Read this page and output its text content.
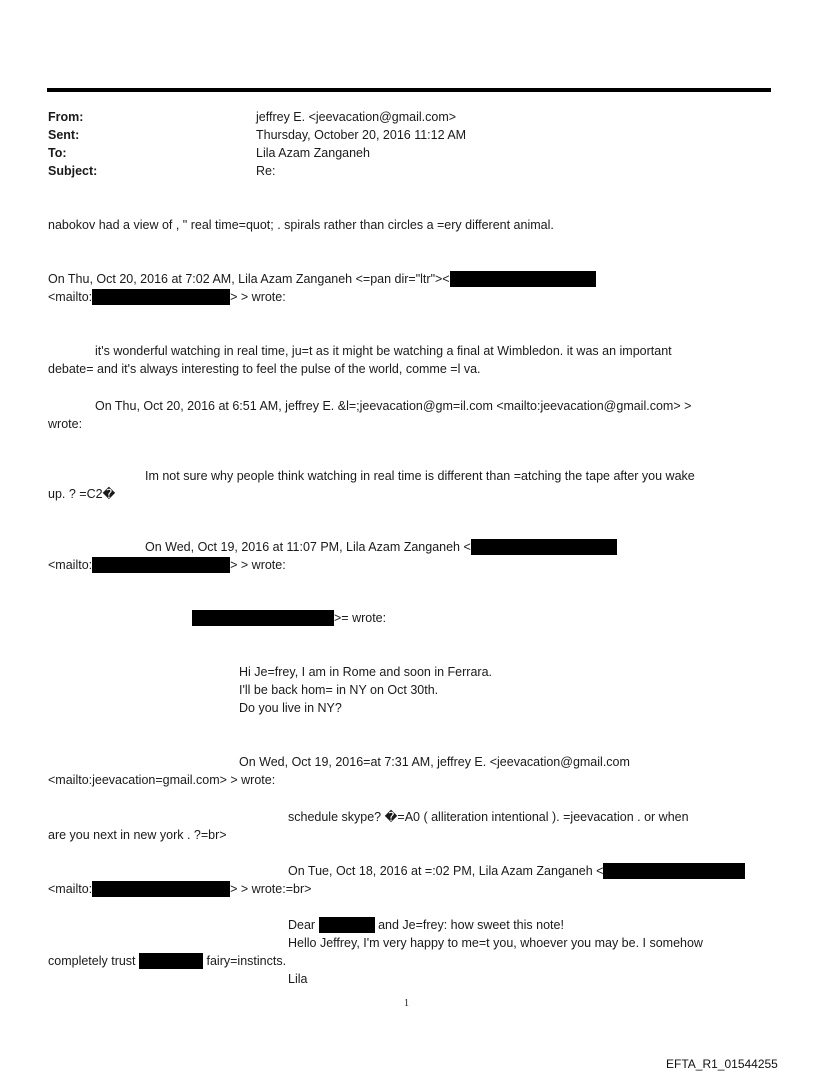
From:	jeffrey E. <jeevacation@gmail.com>
Sent:	Thursday, October 20, 2016 11:12 AM
To:	Lila Azam Zanganeh
Subject:	Re:
nabokov had a view of , " real time=quot; . spirals rather than circles a =ery different animal.
On Thu, Oct 20, 2016 at 7:02 AM, Lila Azam Zanganeh <=pan dir="ltr"><
<mailto:	> > wrote:
it's wonderful watching in real time, ju=t as it might be watching a final at Wimbledon. it was an important
debate= and it's always interesting to feel the pulse of the world, comme =l va.
On Thu, Oct 20, 2016 at 6:51 AM, jeffrey E. &l=;jeevacation@gm=il.com <mailto:jeevacation@gmail.com> >
wrote:
Im not sure why people think watching in real time is different than =atching the tape after you wake
up. ? =C2�
On Wed, Oct 19, 2016 at 11:07 PM, Lila Azam Zanganeh <
<mailto:	> > wrote:
>= wrote:
Hi Je=frey, I am in Rome and soon in Ferrara.
I'll be back hom= in NY on Oct 30th.
Do you live in NY?
On Wed, Oct 19, 2016=at 7:31 AM, jeffrey E. <jeevacation@gmail.com
<mailto:jeevacation=gmail.com> > wrote:
schedule skype? �=A0 ( alliteration intentional ). =jeevacation . or when
are you next in new york . ?=br>
On Tue, Oct 18, 2016 at =:02 PM, Lila Azam Zanganeh <
<mailto:	> > wrote:=br>
Dear	and Je=frey: how sweet this note!
Hello Jeffrey, I'm very happy to me=t you, whoever you may be. I somehow
completely trust	fairy=instincts.
Lila
1
EFTA_R1_01544255
